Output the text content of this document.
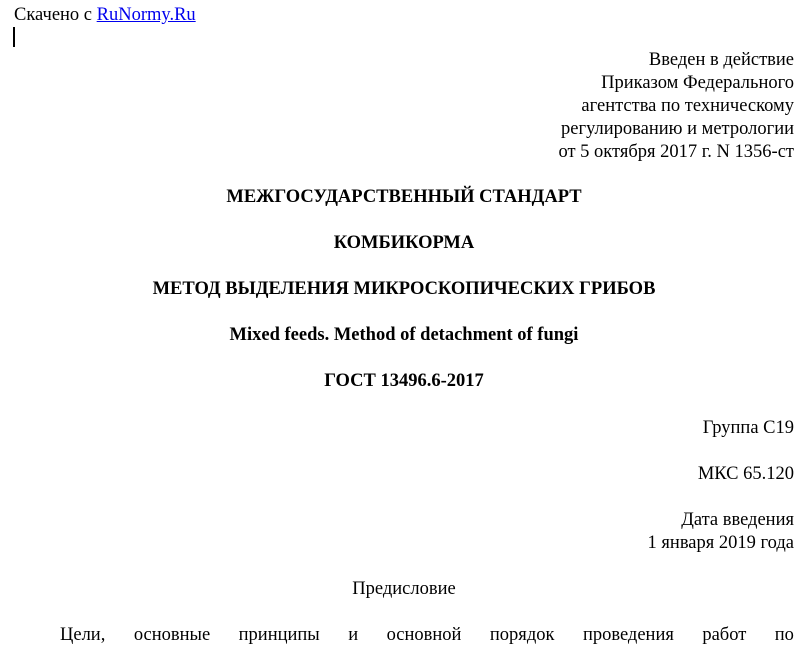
Скачено с RuNormy.Ru
Введен в действие
Приказом Федерального
агентства по техническому
регулированию и метрологии
от 5 октября 2017 г. N 1356-ст
МЕЖГОСУДАРСТВЕННЫЙ СТАНДАРТ
КОМБИКОРМА
МЕТОД ВЫДЕЛЕНИЯ МИКРОСКОПИЧЕСКИХ ГРИБОВ
Mixed feeds. Method of detachment of fungi
ГОСТ 13496.6-2017
Группа С19
МКС 65.120
Дата введения
1 января 2019 года
Предисловие
Цели, основные принципы и основной порядок проведения работ по
